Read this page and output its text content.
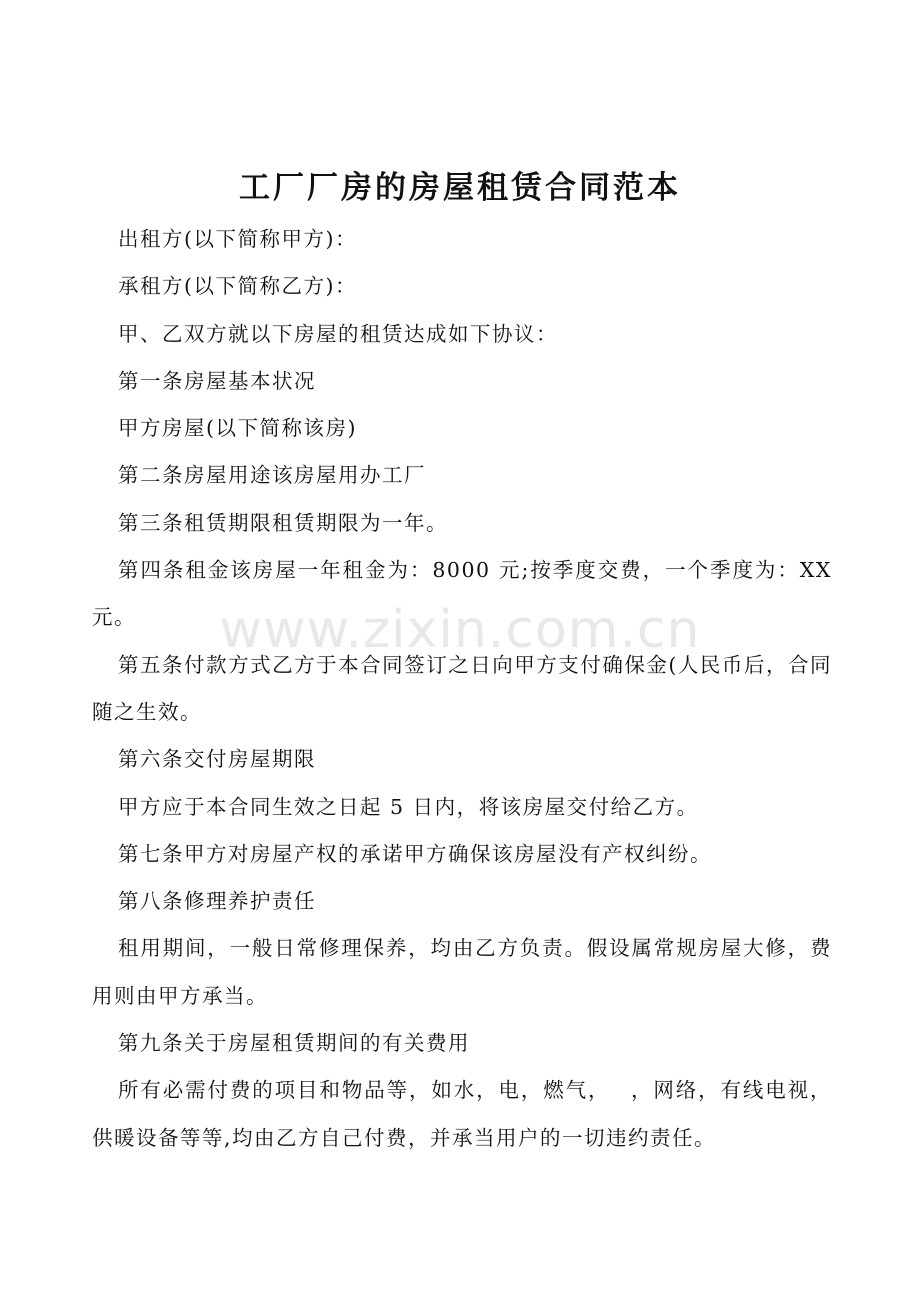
工厂厂房的房屋租赁合同范本
www.zixin.com.cn

出租方(以下简称甲方)：

承租方(以下简称乙方)：

甲、乙双方就以下房屋的租赁达成如下协议：

第一条房屋基本状况

甲方房屋(以下简称该房)

第二条房屋用途该房屋用办工厂

第三条租赁期限租赁期限为一年。

第四条租金该房屋一年租金为：8000 元;按季度交费，一个季度为：XX 元。

第五条付款方式乙方于本合同签订之日向甲方支付确保金(人民币后，合同随之生效。

第六条交付房屋期限

甲方应于本合同生效之日起 5 日内，将该房屋交付给乙方。

第七条甲方对房屋产权的承诺甲方确保该房屋没有产权纠纷。

第八条修理养护责任

租用期间，一般日常修理保养，均由乙方负责。假设属常规房屋大修，费用则由甲方承当。

第九条关于房屋租赁期间的有关费用

所有必需付费的项目和物品等，如水，电，燃气，　 ，网络，有线电视，供暖设备等等,均由乙方自己付费，并承当用户的一切违约责任。
